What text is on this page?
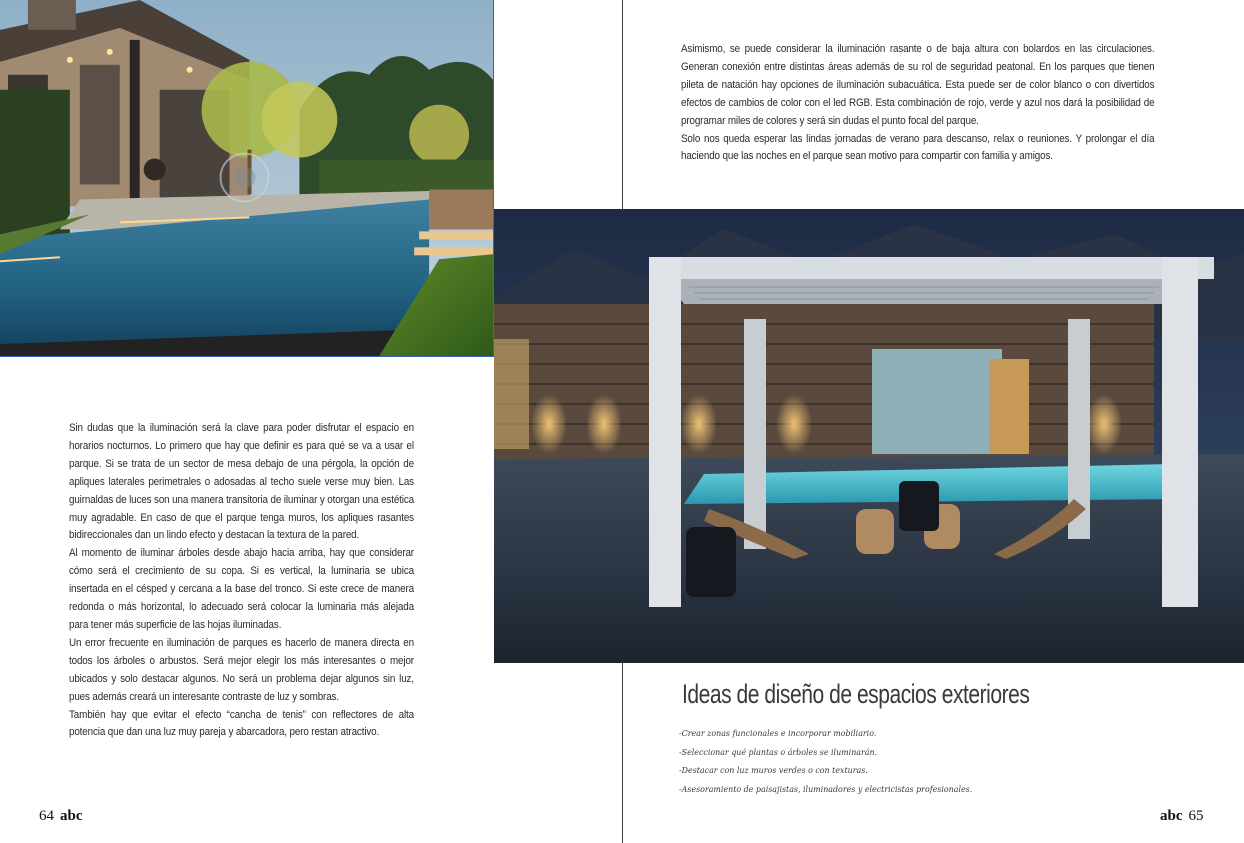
Asimismo, se puede considerar la iluminación rasante o de baja altura con bolardos en las circulaciones. Generan conexión entre distintas áreas además de su rol de seguridad peatonal. En los parques que tienen pileta de natación hay opciones de iluminación subacuática. Esta puede ser de color blanco o con divertidos efectos de cambios de color con el led RGB. Esta combinación de rojo, verde y azul nos dará la posibilidad de programar miles de colores y será sin dudas el punto focal del parque.

Solo nos queda esperar las lindas jornadas de verano para descanso, relax o reuniones. Y prolongar el día haciendo que las noches en el parque sean motivo para compartir con familia y amigos.

Sin dudas que la iluminación será la clave para poder disfrutar el espacio en horarios nocturnos. Lo primero que hay que definir es para qué se va a usar el parque. Si se trata de un sector de mesa debajo de una pérgola, la opción de apliques laterales perimetrales o adosadas al techo suele verse muy bien. Las guirnaldas de luces son una manera transitoria de iluminar y otorgan una estética muy agradable. En caso de que el parque tenga muros, los apliques rasantes bidireccionales dan un lindo efecto y destacan la textura de la pared.

Al momento de iluminar árboles desde abajo hacia arriba, hay que considerar cómo será el crecimiento de su copa. Si es vertical, la luminaria se ubica insertada en el césped y cercana a la base del tronco. Si este crece de manera redonda o más horizontal, lo adecuado será colocar la luminaria más alejada para tener más superficie de las hojas iluminadas.

Un error frecuente en iluminación de parques es hacerlo de manera directa en todos los árboles o arbustos. Será mejor elegir los más interesantes o mejor ubicados y solo destacar algunos. No será un problema dejar algunos sin luz, pues además creará un interesante contraste de luz y sombras.

También hay que evitar el efecto “cancha de tenis” con reflectores de alta potencia que dan una luz muy pareja y abarcadora, pero restan atractivo.

Ideas de diseño de espacios exteriores
-Crear zonas funcionales e incorporar mobiliario.
-Seleccionar qué plantas o árboles se iluminarán.
-Destacar con luz muros verdes o con texturas.
-Asesoramiento de paisajistas, iluminadores y electricistas profesionales.
64 abc	abc 65
